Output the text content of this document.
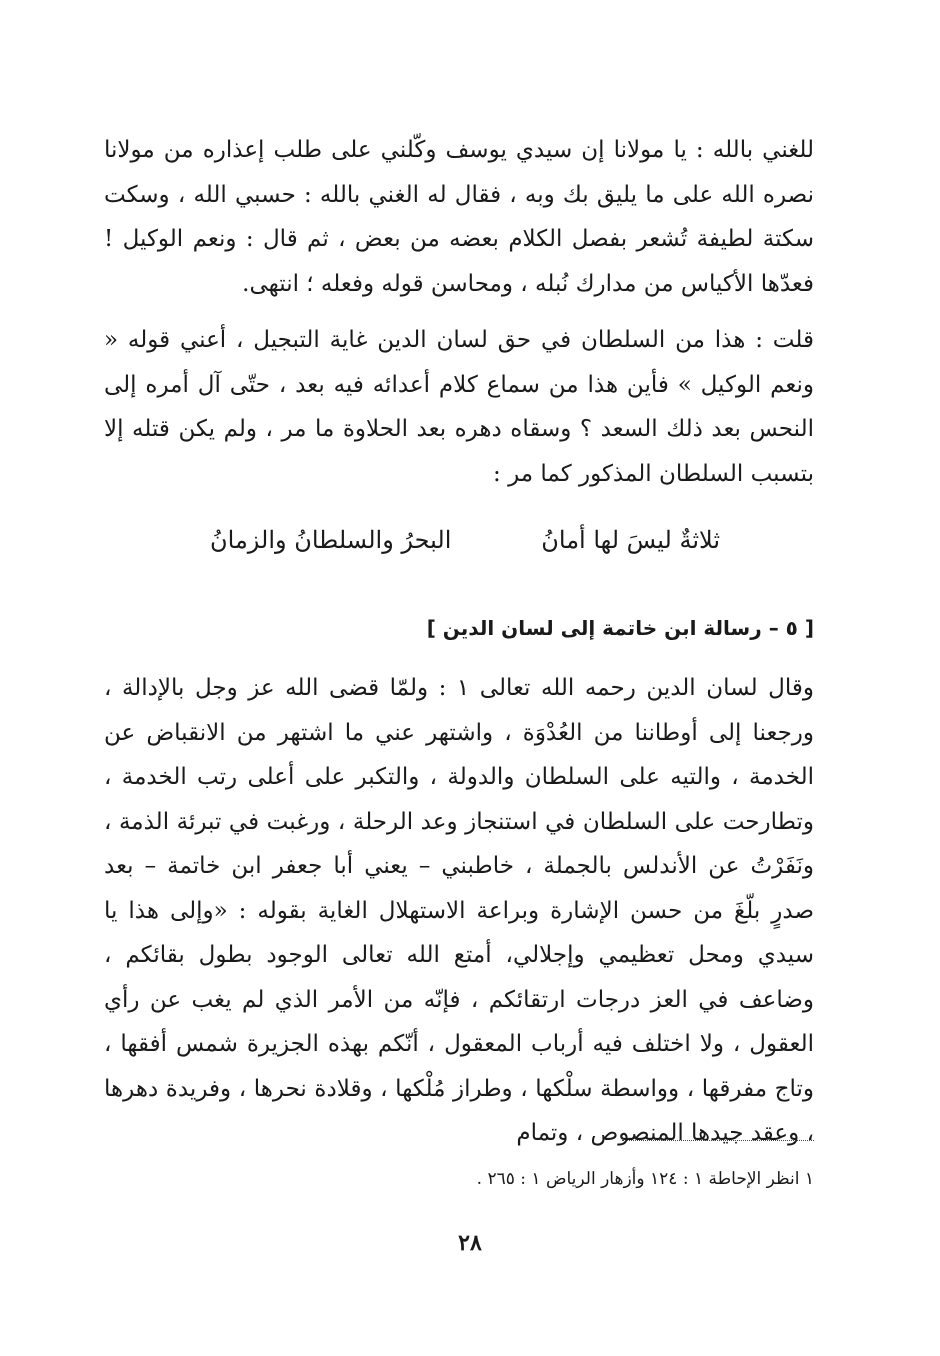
للغني بالله : يا مولانا إن سيدي يوسف وكّلني على طلب إعذاره من مولانا نصره الله على ما يليق بك وبه ، فقال له الغني بالله : حسبي الله ، وسكت سكتة لطيفة تُشعر بفصل الكلام بعضه من بعض ، ثم قال : ونعم الوكيل ! فعدّها الأكياس من مدارك نُبله ، ومحاسن قوله وفعله ؛ انتهى.
قلت : هذا من السلطان في حق لسان الدين غاية التبجيل ، أعني قوله « ونعم الوكيل » فأين هذا من سماع كلام أعدائه فيه بعد ، حتّى آل أمره إلى النحس بعد ذلك السعد ؟ وسقاه دهره بعد الحلاوة ما مر ، ولم يكن قتله إلا بتسبب السلطان المذكور كما مر :
ثلاثةٌ ليسَ لها أمانُ
البحرُ والسلطانُ والزمانُ
[ ٥ – رسالة ابن خاتمة إلى لسان الدين ]
وقال لسان الدين رحمه الله تعالى ١ : ولمّا قضى الله عز وجل بالإدالة ، ورجعنا إلى أوطاننا من العُدْوَة ، واشتهر عني ما اشتهر من الانقباض عن الخدمة ، والتيه على السلطان والدولة ، والتكبر على أعلى رتب الخدمة ، وتطارحت على السلطان في استنجاز وعد الرحلة ، ورغبت في تبرئة الذمة ، ونَفَرْتُ عن الأندلس بالجملة ، خاطبني – يعني أبا جعفر ابن خاتمة – بعد صدرٍ بلّغَ من حسن الإشارة وبراعة الاستهلال الغاية بقوله : «وإلى هذا يا سيدي ومحل تعظيمي وإجلالي، أمتع الله تعالى الوجود بطول بقائكم ، وضاعف في العز درجات ارتقائكم ، فإنّه من الأمر الذي لم يغب عن رأي العقول ، ولا اختلف فيه أرباب المعقول ، أنّكم بهذه الجزيرة شمس أفقها ، وتاج مفرقها ، وواسطة سلْكها ، وطراز مُلْكها ، وقلادة نحرها ، وفريدة دهرها ، وعقد جيدها المنصوص ، وتمام
١ انظر الإحاطة ١ : ١٢٤ وأزهار الرياض ١ : ٢٦٥ .
٢٨
